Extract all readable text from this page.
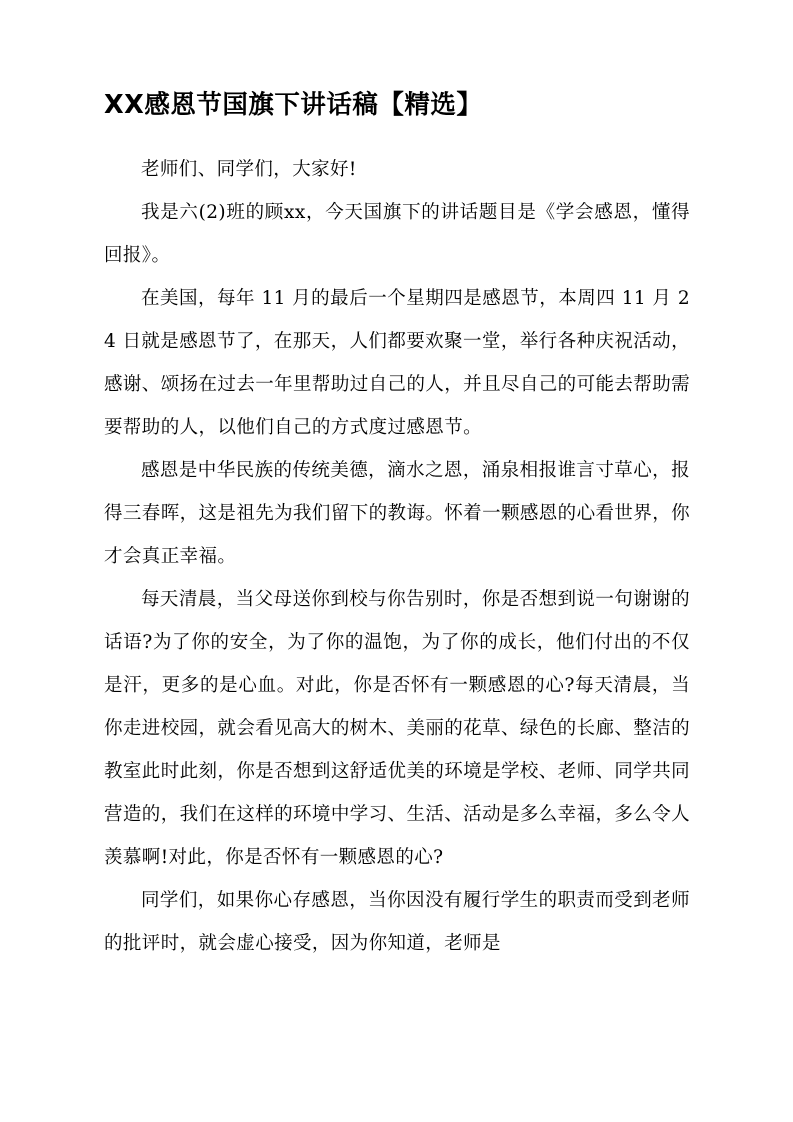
XX感恩节国旗下讲话稿【精选】

老师们、同学们，大家好!

我是六(2)班的顾xx，今天国旗下的讲话题目是《学会感恩，懂得回报》。

在美国，每年 11 月的最后一个星期四是感恩节，本周四 11 月 24 日就是感恩节了，在那天，人们都要欢聚一堂，举行各种庆祝活动，感谢、颂扬在过去一年里帮助过自己的人，并且尽自己的可能去帮助需要帮助的人，以他们自己的方式度过感恩节。

感恩是中华民族的传统美德，滴水之恩，涌泉相报谁言寸草心，报得三春晖，这是祖先为我们留下的教诲。怀着一颗感恩的心看世界，你才会真正幸福。

每天清晨，当父母送你到校与你告别时，你是否想到说一句谢谢的话语?为了你的安全，为了你的温饱，为了你的成长，他们付出的不仅是汗，更多的是心血。对此，你是否怀有一颗感恩的心?每天清晨，当你走进校园，就会看见高大的树木、美丽的花草、绿色的长廊、整洁的教室此时此刻，你是否想到这舒适优美的环境是学校、老师、同学共同营造的，我们在这样的环境中学习、生活、活动是多么幸福，多么令人羡慕啊!对此，你是否怀有一颗感恩的心?

同学们，如果你心存感恩，当你因没有履行学生的职责而受到老师的批评时，就会虚心接受，因为你知道，老师是
